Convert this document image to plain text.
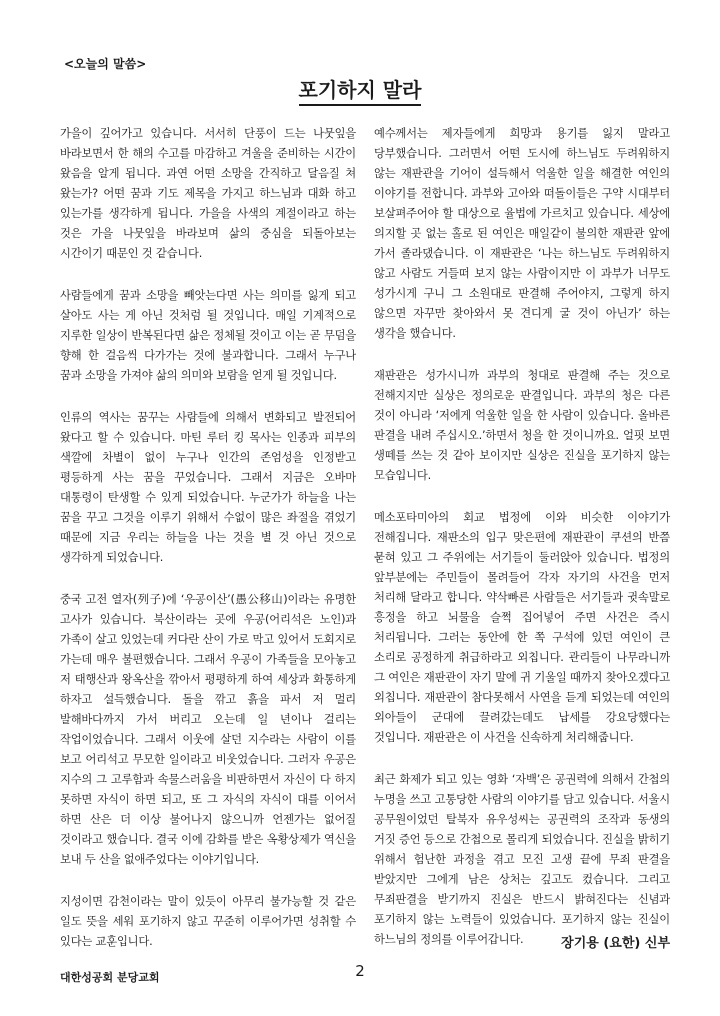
<오늘의 말씀>
포기하지 말라

가을이 깊어가고 있습니다. 서서히 단풍이 드는 나뭇잎을 바라보면서 한 해의 수고를 마감하고 겨울을 준비하는 시간이 왔음을 알게 됩니다. 과연 어떤 소망을 간직하고 달음질 쳐 왔는가? 어떤 꿈과 기도 제목을 가지고 하느님과 대화 하고 있는가를 생각하게 됩니다. 가을을 사색의 계절이라고 하는 것은 가을 나뭇잎을 바라보며 삶의 중심을 되돌아보는 시간이기 때문인 것 같습니다.

사람들에게 꿈과 소망을 빼앗는다면 사는 의미를 잃게 되고 살아도 사는 게 아닌 것처럼 될 것입니다. 매일 기계적으로 지루한 일상이 반복된다면 삶은 정체될 것이고 이는 곧 무덤을 향해 한 걸음씩 다가가는 것에 불과합니다. 그래서 누구나 꿈과 소망을 가져야 삶의 의미와 보람을 얻게 될 것입니다.

인류의 역사는 꿈꾸는 사람들에 의해서 변화되고 발전되어 왔다고 할 수 있습니다. 마틴 루터 킹 목사는 인종과 피부의 색깔에 차별이 없이 누구나 인간의 존엄성을 인정받고 평등하게 사는 꿈을 꾸었습니다. 그래서 지금은 오바마 대통령이 탄생할 수 있게 되었습니다. 누군가가 하늘을 나는 꿈을 꾸고 그것을 이루기 위해서 수없이 많은 좌절을 겪었기 때문에 지금 우리는 하늘을 나는 것을 별 것 아닌 것으로 생각하게 되었습니다.

중국 고전 열자(列子)에 ‘우공이산’(愚公移山)이라는 유명한 고사가 있습니다. 북산이라는 곳에 우공(어리석은 노인)과 가족이 살고 있었는데 커다란 산이 가로 막고 있어서 도회지로 가는데 매우 불편했습니다. 그래서 우공이 가족들을 모아놓고 저 태행산과 왕옥산을 깎아서 평평하게 하여 세상과 화통하게 하자고 설득했습니다. 돌을 깎고 흙을 파서 저 멀리 발해바다까지 가서 버리고 오는데 일 년이나 걸리는 작업이었습니다. 그래서 이웃에 살던 지수라는 사람이 이를 보고 어리석고 무모한 일이라고 비웃었습니다. 그러자 우공은 지수의 그 고루함과 속물스러움을 비판하면서 자신이 다 하지 못하면 자식이 하면 되고, 또 그 자식의 자식이 대를 이어서 하면 산은 더 이상 불어나지 않으니까 언젠가는 없어질 것이라고 했습니다. 결국 이에 감화를 받은 옥황상제가 역신을 보내 두 산을 없애주었다는 이야기입니다.

지성이면 감천이라는 말이 있듯이 아무리 불가능할 것 같은 일도 뜻을 세워 포기하지 않고 꾸준히 이루어가면 성취할 수 있다는 교훈입니다.

예수께서는 제자들에게 희망과 용기를 잃지 말라고 당부했습니다. 그러면서 어떤 도시에 하느님도 두려워하지 않는 재판관을 기어이 설득해서 억울한 일을 해결한 여인의 이야기를 전합니다. 과부와 고아와 떠돌이들은 구약 시대부터 보살펴주어야 할 대상으로 율법에 가르치고 있습니다. 세상에 의지할 곳 없는 홀로 된 여인은 매일같이 불의한 재판관 앞에 가서 졸라댔습니다. 이 재판관은 ‘나는 하느님도 두려워하지 않고 사람도 거들떠 보지 않는 사람이지만 이 과부가 너무도 성가시게 구니 그 소원대로 판결해 주어야지, 그렇게 하지 않으면 자꾸만 찾아와서 못 견디게 굴 것이 아닌가’ 하는 생각을 했습니다.

재판관은 성가시니까 과부의 청대로 판결해 주는 것으로 전해지지만 실상은 정의로운 판결입니다. 과부의 청은 다른 것이 아니라 ‘저에게 억울한 일을 한 사람이 있습니다. 올바른 판결을 내려 주십시오.’하면서 청을 한 것이니까요. 얼핏 보면 생떼를 쓰는 것 같아 보이지만 실상은 진실을 포기하지 않는 모습입니다.

메소포타미아의 회교 법정에 이와 비슷한 이야기가 전해집니다. 재판소의 입구 맞은편에 재판관이 쿠션의 반쯤 묻혀 있고 그 주위에는 서기들이 둘러앉아 있습니다. 법정의 앞부분에는 주민들이 몰려들어 각자 자기의 사건을 먼저 처리해 달라고 합니다. 약삭빠른 사람들은 서기들과 귓속말로 흥정을 하고 뇌물을 슬쩍 집어넣어 주면 사건은 즉시 처리됩니다. 그러는 동안에 한 쪽 구석에 있던 여인이 큰 소리로 공정하게 취급하라고 외칩니다. 관리들이 나무라니까 그 여인은 재판관이 자기 말에 귀 기울일 때까지 찾아오겠다고 외칩니다. 재판관이 참다못해서 사연을 듣게 되었는데 여인의 외아들이 군대에 끌려갔는데도 납세를 강요당했다는 것입니다. 재판관은 이 사건을 신속하게 처리해줍니다.

최근 화제가 되고 있는 영화 ‘자백’은 공권력에 의해서 간첩의 누명을 쓰고 고통당한 사람의 이야기를 담고 있습니다. 서울시 공무원이었던 탈북자 유우성씨는 공권력의 조작과 동생의 거짓 증언 등으로 간첩으로 몰리게 되었습니다. 진실을 밝히기 위해서 험난한 과정을 겪고 모진 고생 끝에 무죄 판결을 받았지만 그에게 남은 상처는 깊고도 컸습니다. 그리고 무죄판결을 받기까지 진실은 반드시 밝혀진다는 신념과 포기하지 않는 노력들이 있었습니다. 포기하지 않는 진실이 하느님의 정의를 이루어갑니다.	장기용 (요한) 신부
대한성공회 분당교회	2
